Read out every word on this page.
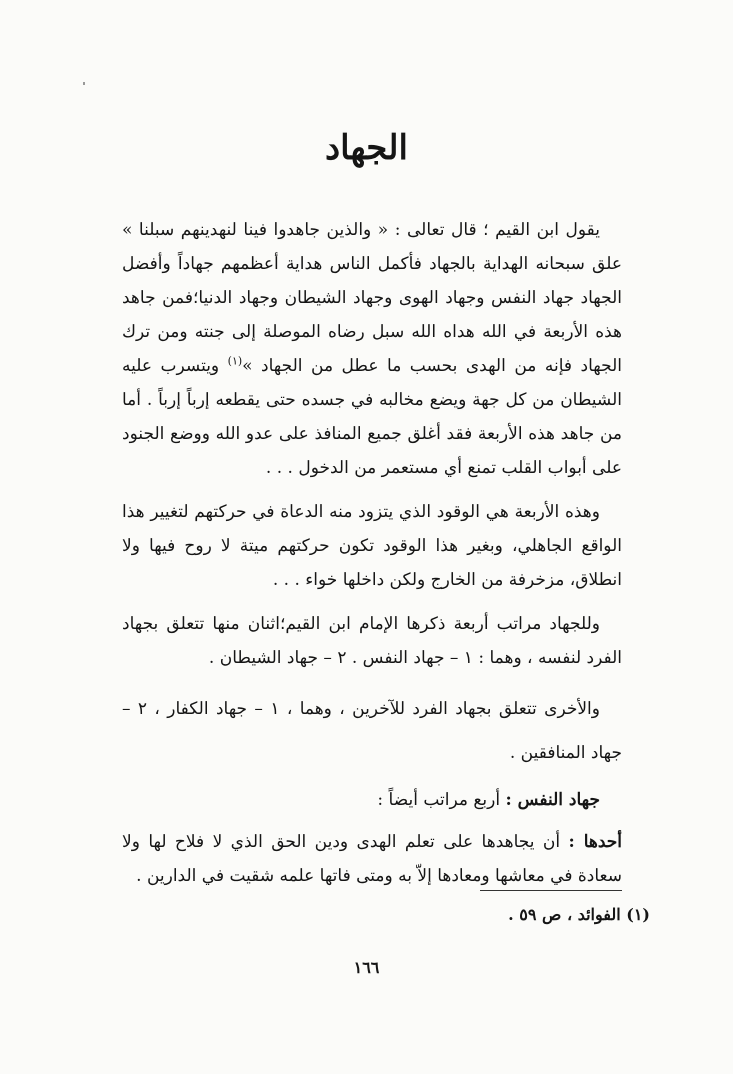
الجهاد

يقول ابن القيم ؛ قال تعالى : « والذين جاهدوا فينا لنهدينهم سبلنا » علق سبحانه الهداية بالجهاد فأكمل الناس هداية أعظمهم جهاداً وأفضل الجهاد جهاد النفس وجهاد الهوى وجهاد الشيطان وجهاد الدنيا؛فمن جاهد هذه الأربعة في الله هداه الله سبل رضاه الموصلة إلى جنته ومن ترك الجهاد فإنه من الهدى بحسب ما عطل من الجهاد »$^{(١)}$ ويتسرب عليه الشيطان من كل جهة ويضع مخالبه في جسده حتى يقطعه إرباً إرباً . أما من جاهد هذه الأربعة فقد أغلق جميع المنافذ على عدو الله ووضع الجنود على أبواب القلب تمنع أي مستعمر من الدخول . . .

وهذه الأربعة هي الوقود الذي يتزود منه الدعاة في حركتهم لتغيير هذا الواقع الجاهلي، وبغير هذا الوقود تكون حركتهم ميتة لا روح فيها ولا انطلاق، مزخرفة من الخارج ولكن داخلها خواء . . .

وللجهاد مراتب أربعة ذكرها الإمام ابن القيم؛اثنان منها تتعلق بجهاد الفرد لنفسه ، وهما : ١ – جهاد النفس . ٢ – جهاد الشيطان .

والأخرى تتعلق بجهاد الفرد للآخرين ، وهما ، ١ – جهاد الكفار ، ٢ – جهاد المنافقين .

جهاد النفس : أربع مراتب أيضاً :

أحدها : أن يجاهدها على تعلم الهدى ودين الحق الذي لا فلاح لها ولا سعادة في معاشها ومعادها إلاّ به ومتى فاتها علمه شقيت في الدارين .

(١) الفوائد ، ص ٥٩ .
١٦٦
